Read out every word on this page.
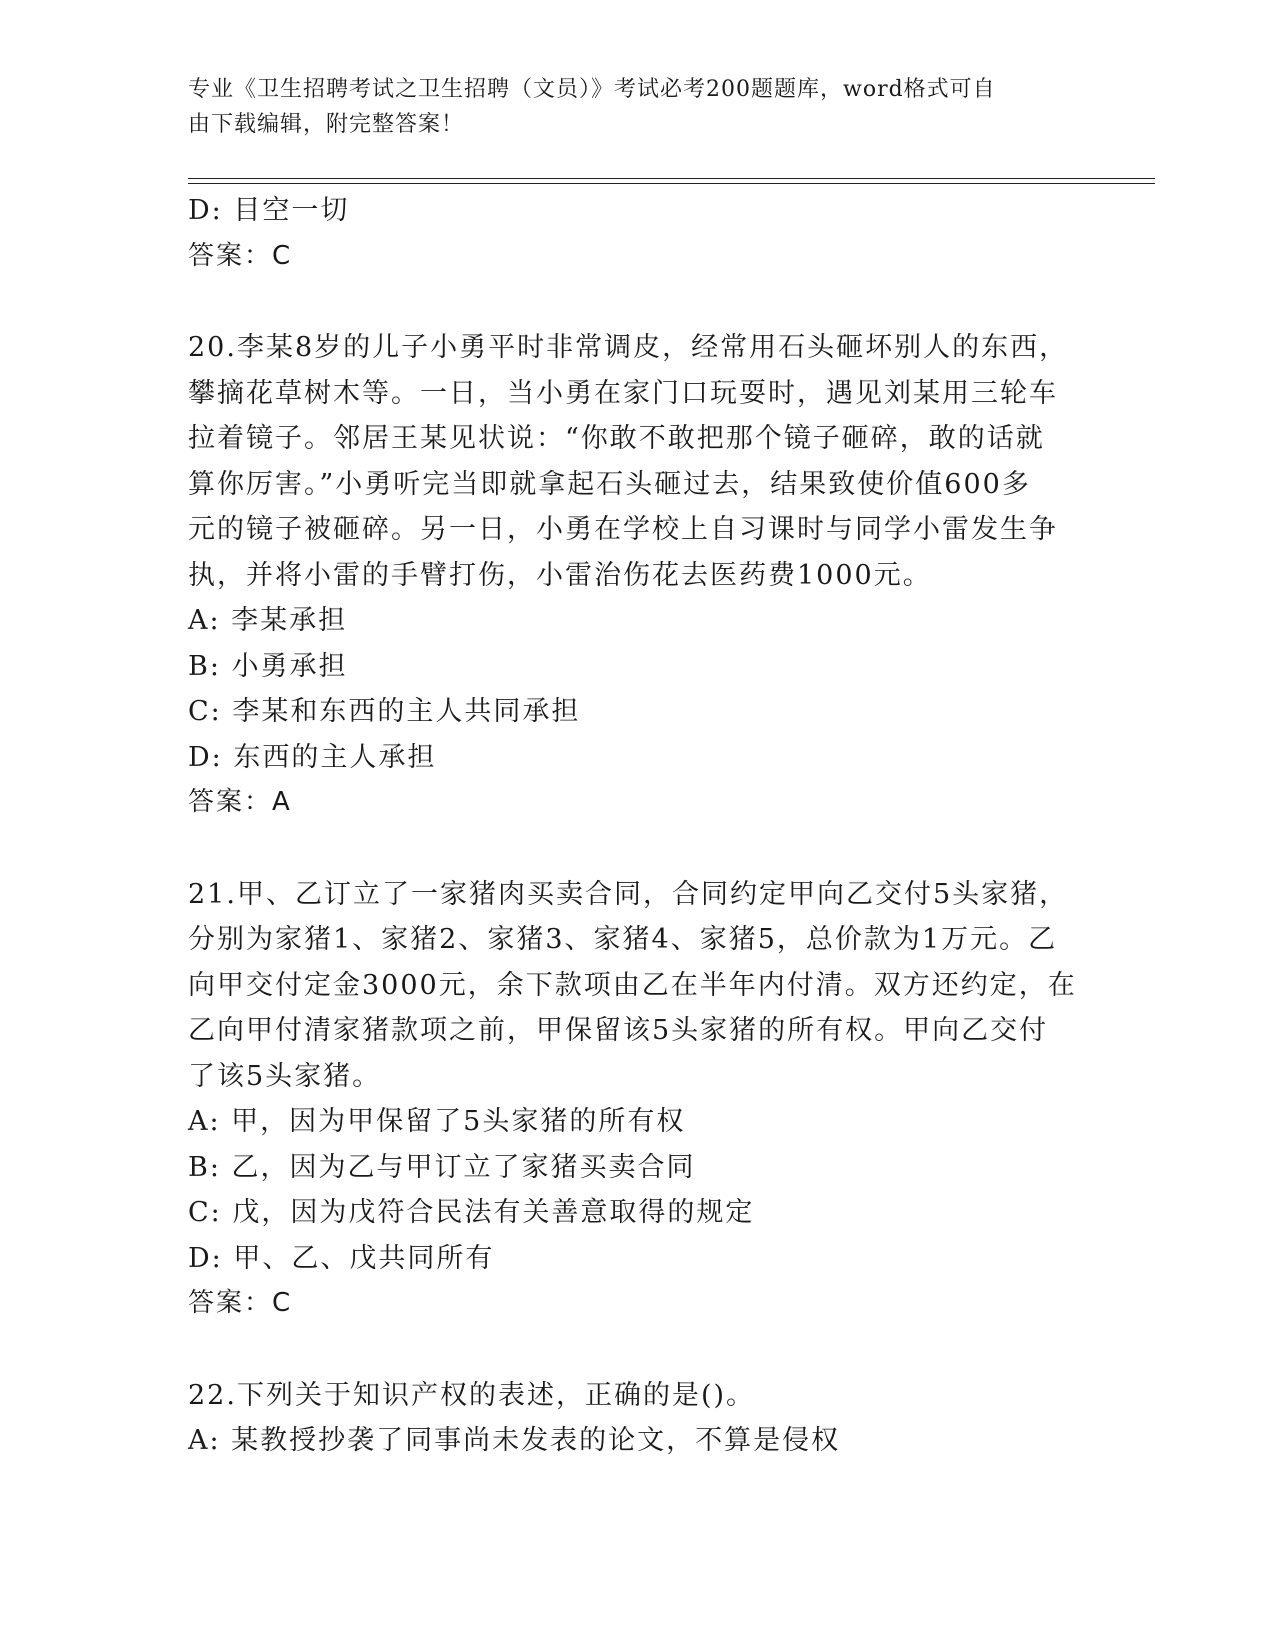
专业《卫生招聘考试之卫生招聘（文员）》考试必考200题题库，word格式可自
由下载编辑，附完整答案！
D: 目空一切
答案：C
20.李某8岁的儿子小勇平时非常调皮，经常用石头砸坏别人的东西，
攀摘花草树木等。一日，当小勇在家门口玩耍时，遇见刘某用三轮车
拉着镜子。邻居王某见状说：“你敢不敢把那个镜子砸碎，敢的话就
算你厉害。”小勇听完当即就拿起石头砸过去，结果致使价值600多
元的镜子被砸碎。另一日，小勇在学校上自习课时与同学小雷发生争
执，并将小雷的手臂打伤，小雷治伤花去医药费1000元。
A: 李某承担
B: 小勇承担
C: 李某和东西的主人共同承担
D: 东西的主人承担
答案：A
21.甲、乙订立了一家猪肉买卖合同，合同约定甲向乙交付5头家猪，
分别为家猪1、家猪2、家猪3、家猪4、家猪5，总价款为1万元。乙
向甲交付定金3000元，余下款项由乙在半年内付清。双方还约定，在
乙向甲付清家猪款项之前，甲保留该5头家猪的所有权。甲向乙交付
了该5头家猪。
A: 甲，因为甲保留了5头家猪的所有权
B: 乙，因为乙与甲订立了家猪买卖合同
C: 戊，因为戊符合民法有关善意取得的规定
D: 甲、乙、戊共同所有
答案：C
22.下列关于知识产权的表述，正确的是()。
A: 某教授抄袭了同事尚未发表的论文，不算是侵权
